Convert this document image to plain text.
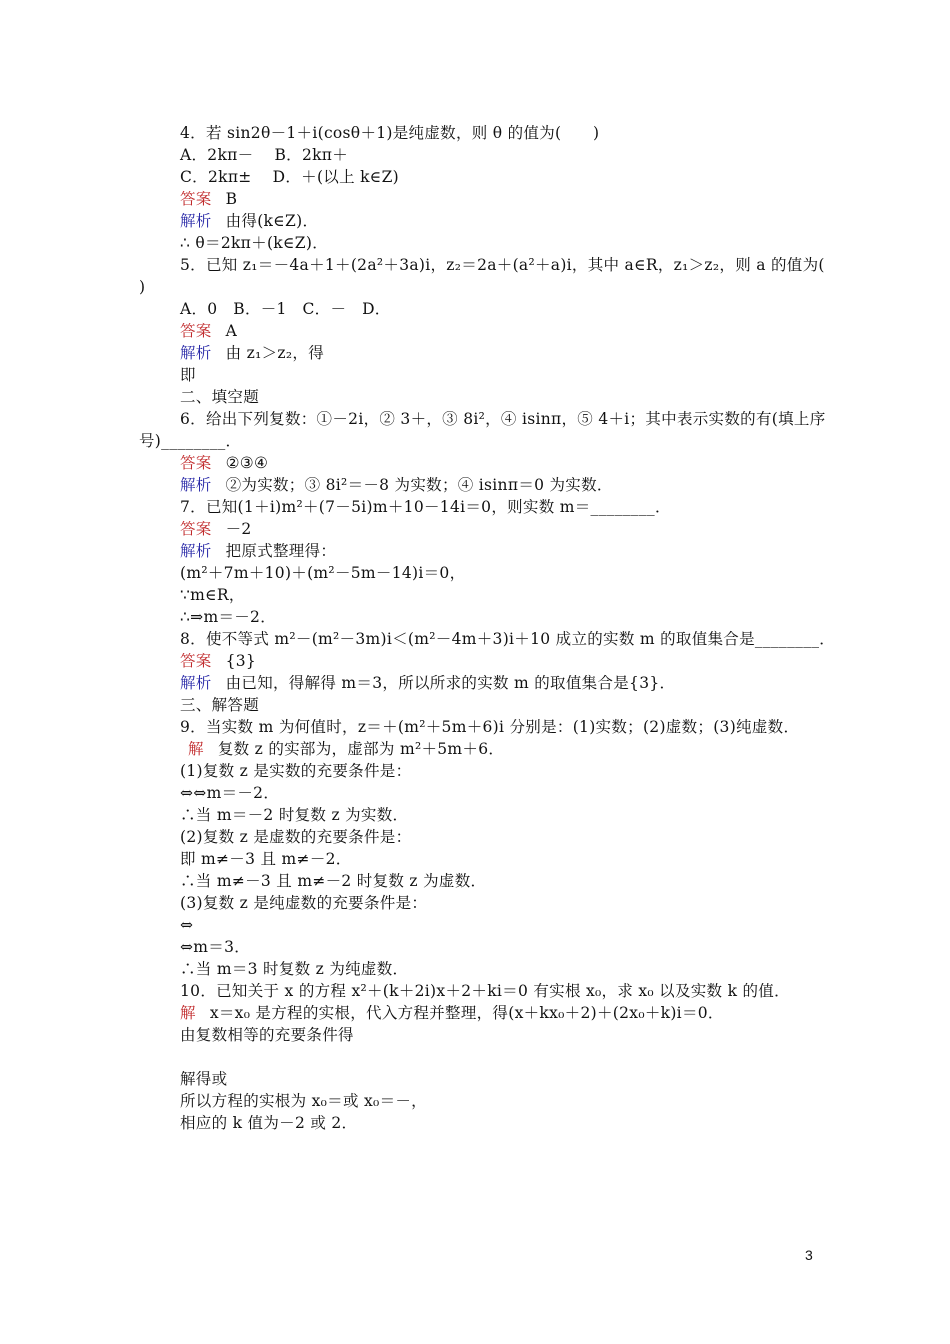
4．若 sin2θ－1＋i(cosθ＋1)是纯虚数，则 θ 的值为(　　)
A．2kπ－　 B．2kπ＋
C．2kπ±　 D．＋(以上 k∈Z)
答案 B
解析 由得(k∈Z)．
∴ θ＝2kπ＋(k∈Z)．
5．已知 z₁＝－4a＋1＋(2a²＋3a)i，z₂＝2a＋(a²＋a)i，其中 a∈R，z₁＞z₂，则 a 的值为(
)
A．0　B．－1　C．－　D．
答案 A
解析 由 z₁＞z₂，得
即
二、填空题
6．给出下列复数：①－2i，② 3＋，③ 8i²，④ isinπ，⑤ 4＋i；其中表示实数的有(填上序
号)________．
答案 ②③④
解析 ②为实数；③ 8i²＝－8 为实数；④ isinπ＝0 为实数．
7．已知(1＋i)m²＋(7－5i)m＋10－14i＝0，则实数 m＝________．
答案 －2
解析 把原式整理得：
(m²＋7m＋10)＋(m²－5m－14)i＝0，
∵m∈R，
∴⇒m＝－2．
8．使不等式 m²－(m²－3m)i＜(m²－4m＋3)i＋10 成立的实数 m 的取值集合是________．
答案 {3}
解析 由已知，得解得 m＝3，所以所求的实数 m 的取值集合是{3}．
三、解答题
9．当实数 m 为何值时，z＝＋(m²＋5m＋6)i 分别是：(1)实数；(2)虚数；(3)纯虚数．
解 复数 z 的实部为，虚部为 m²＋5m＋6．
(1)复数 z 是实数的充要条件是：
⇔⇔m＝－2．
∴当 m＝－2 时复数 z 为实数．
(2)复数 z 是虚数的充要条件是：
即 m≠－3 且 m≠－2．
∴当 m≠－3 且 m≠－2 时复数 z 为虚数．
(3)复数 z 是纯虚数的充要条件是：
⇔
⇔m＝3．
∴当 m＝3 时复数 z 为纯虚数．
10．已知关于 x 的方程 x²＋(k＋2i)x＋2＋ki＝0 有实根 x₀，求 x₀ 以及实数 k 的值．
解 x＝x₀ 是方程的实根，代入方程并整理，得(x＋kx₀＋2)＋(2x₀＋k)i＝0．
由复数相等的充要条件得
解得或
所以方程的实根为 x₀＝或 x₀＝－，
相应的 k 值为－2 或 2．
3
